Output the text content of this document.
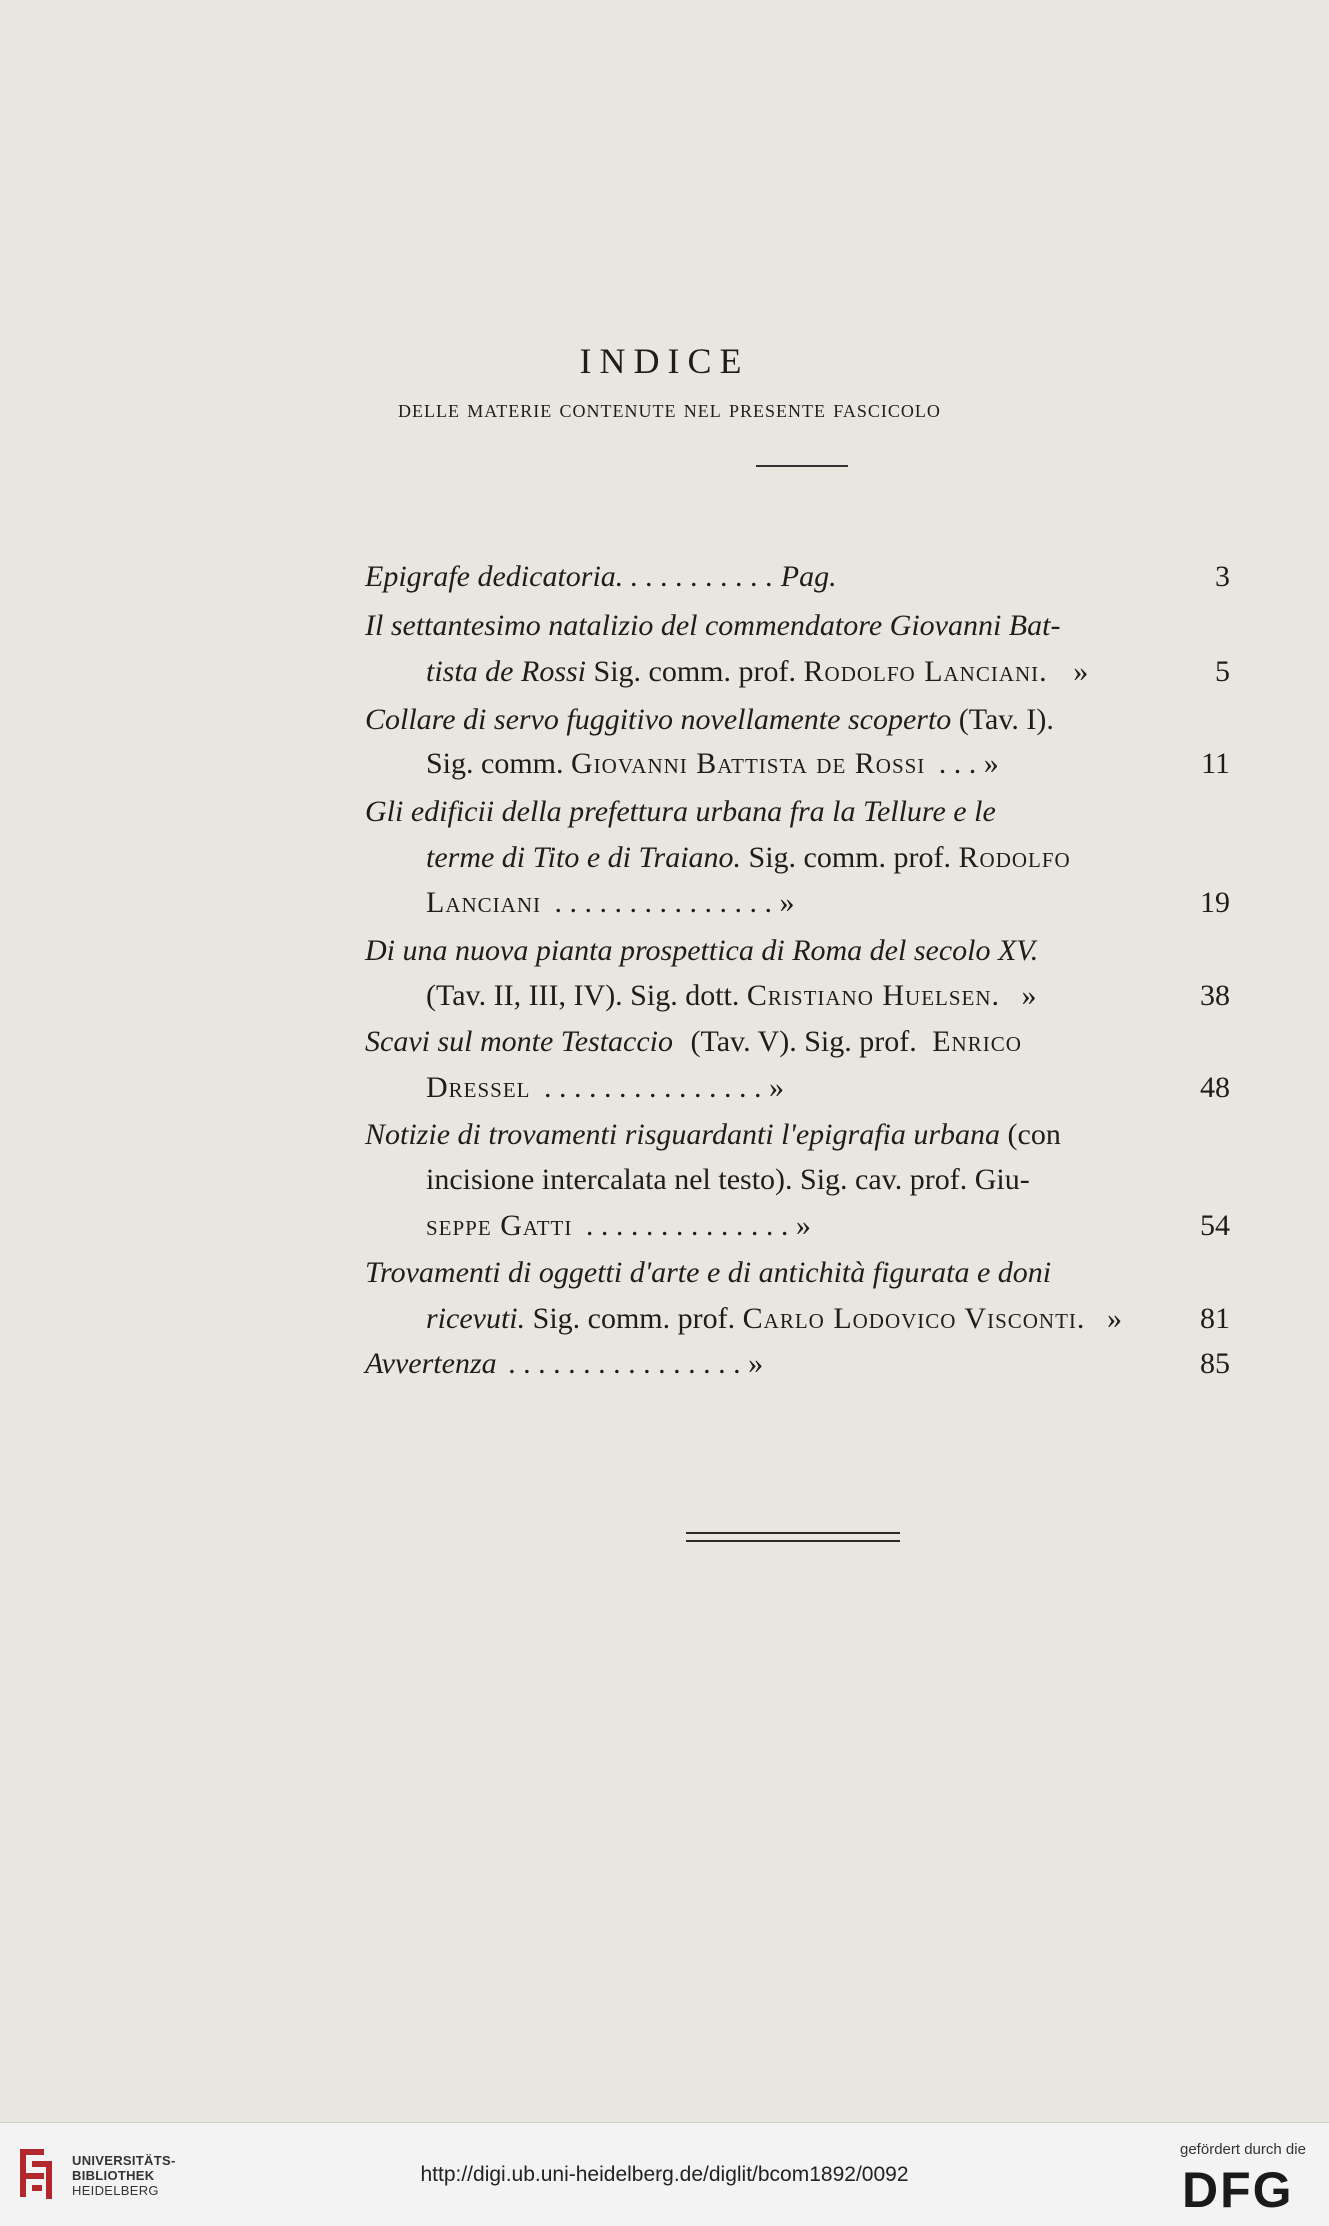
INDICE
delle materie contenute nel presente fascicolo
Epigrafe dedicatoria. . . . . . . . . . . Pag.	3
Il settantesimo natalizio del commendatore Giovanni Bat-
tista de Rossi Sig. comm. prof. Rodolfo Lanciani. »	5
Collare di servo fuggitivo novellamente scoperto (Tav. I).
Sig. comm. Giovanni Battista de Rossi . . . »	11
Gli edificii della prefettura urbana fra la Tellure e le
terme di Tito e di Traiano. Sig. comm. prof. Rodolfo
Lanciani . . . . . . . . . . . . . . . »	19
Di una nuova pianta prospettica di Roma del secolo XV.
(Tav. II, III, IV). Sig. dott. Cristiano Huelsen. »	38
Scavi sul monte Testaccio (Tav. V). Sig. prof. Enrico
Dressel . . . . . . . . . . . . . . . »	48
Notizie di trovamenti risguardanti l'epigrafia urbana (con
incisione intercalata nel testo). Sig. cav. prof. Giu-
seppe Gatti . . . . . . . . . . . . . . »	54
Trovamenti di oggetti d'arte e di antichità figurata e doni
ricevuti. Sig. comm. prof. Carlo Lodovico Visconti. »	81
Avvertenza . . . . . . . . . . . . . . . . »	85
UNIVERSITÄTS-
BIBLIOTHEK
HEIDELBERG
http://digi.ub.uni-heidelberg.de/diglit/bcom1892/0092
gefördert durch die
DFG
